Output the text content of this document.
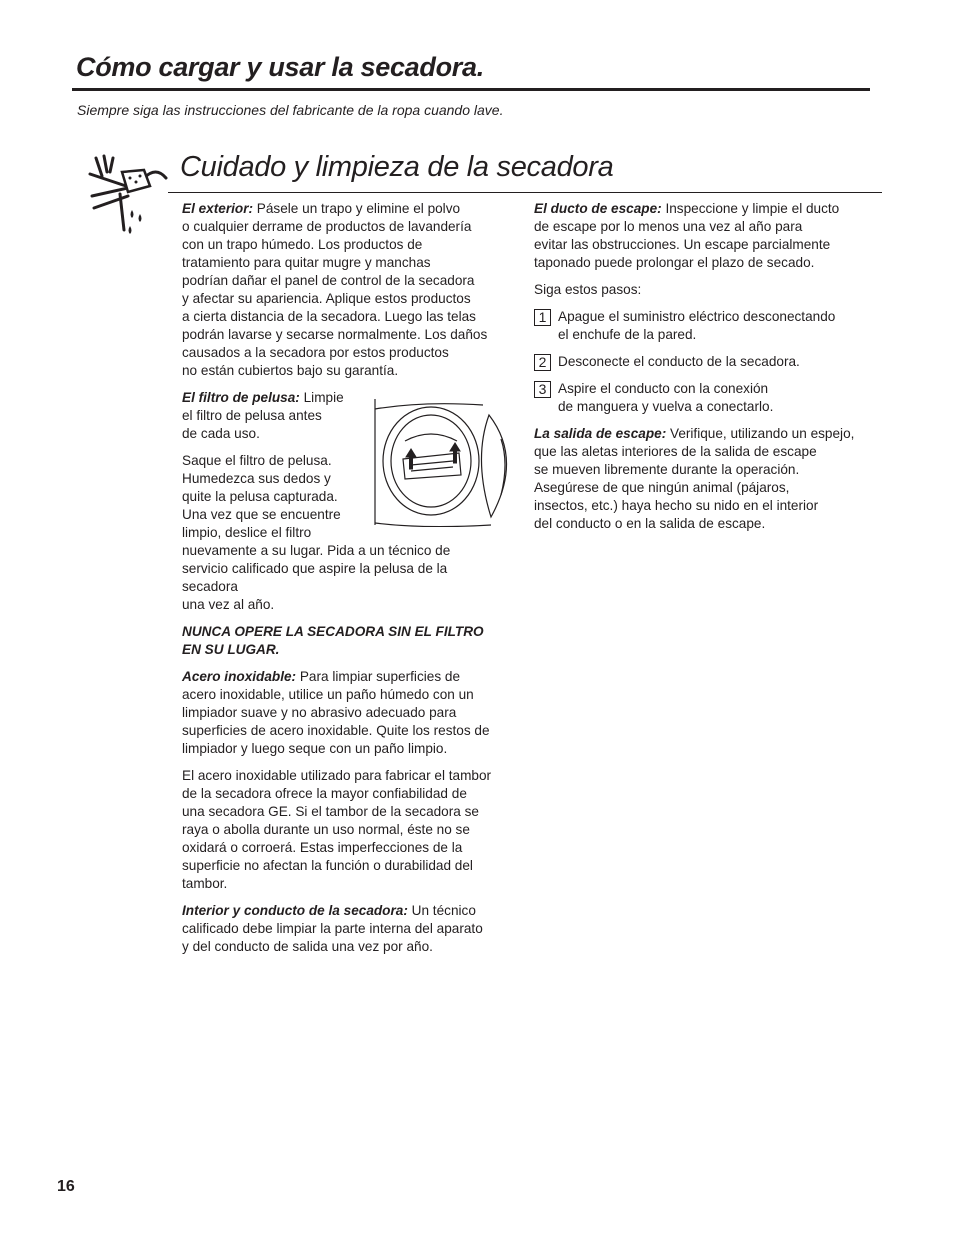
Cómo cargar y usar la secadora.
Siempre siga las instrucciones del fabricante de la ropa cuando lave.
Cuidado y limpieza de la secadora

El exterior: Pásele un trapo y elimine el polvo
o cualquier derrame de productos de lavandería
con un trapo húmedo. Los productos de
tratamiento para quitar mugre y manchas
podrían dañar el panel de control de la secadora
y afectar su apariencia. Aplique estos productos
a cierta distancia de la secadora. Luego las telas
podrán lavarse y secarse normalmente. Los daños
causados a la secadora por estos productos
no están cubiertos bajo su garantía.

El filtro de pelusa: Limpie
el filtro de pelusa antes
de cada uso.

Saque el filtro de pelusa.
Humedezca sus dedos y
quite la pelusa capturada.
Una vez que se encuentre
limpio, deslice el filtro
nuevamente a su lugar. Pida a un técnico de
servicio calificado que aspire la pelusa de la
secadora
una vez al año.

NUNCA OPERE LA SECADORA SIN EL FILTRO
EN SU LUGAR.

Acero inoxidable: Para limpiar superficies de
acero inoxidable, utilice un paño húmedo con un
limpiador suave y no abrasivo adecuado para
superficies de acero inoxidable. Quite los restos de
limpiador y luego seque con un paño limpio.

El acero inoxidable utilizado para fabricar el tambor
de la secadora ofrece la mayor confiabilidad de
una secadora GE. Si el tambor de la secadora se
raya o abolla durante un uso normal, éste no se
oxidará o corroerá. Estas imperfecciones de la
superficie no afectan la función o durabilidad del
tambor.

Interior y conducto de la secadora: Un técnico
calificado debe limpiar la parte interna del aparato
y del conducto de salida una vez por año.

El ducto de escape: Inspeccione y limpie el ducto
de escape por lo menos una vez al año para
evitar las obstrucciones. Un escape parcialmente
taponado puede prolongar el plazo de secado.

Siga estos pasos:

1 Apague el suministro eléctrico desconectando
el enchufe de la pared.
2 Desconecte el conducto de la secadora.
3 Aspire el conducto con la conexión
de manguera y vuelva a conectarlo.

La salida de escape: Verifique, utilizando un espejo,
que las aletas interiores de la salida de escape
se mueven libremente durante la operación.
Asegúrese de que ningún animal (pájaros,
insectos, etc.) haya hecho su nido en el interior
del conducto o en la salida de escape.

16
